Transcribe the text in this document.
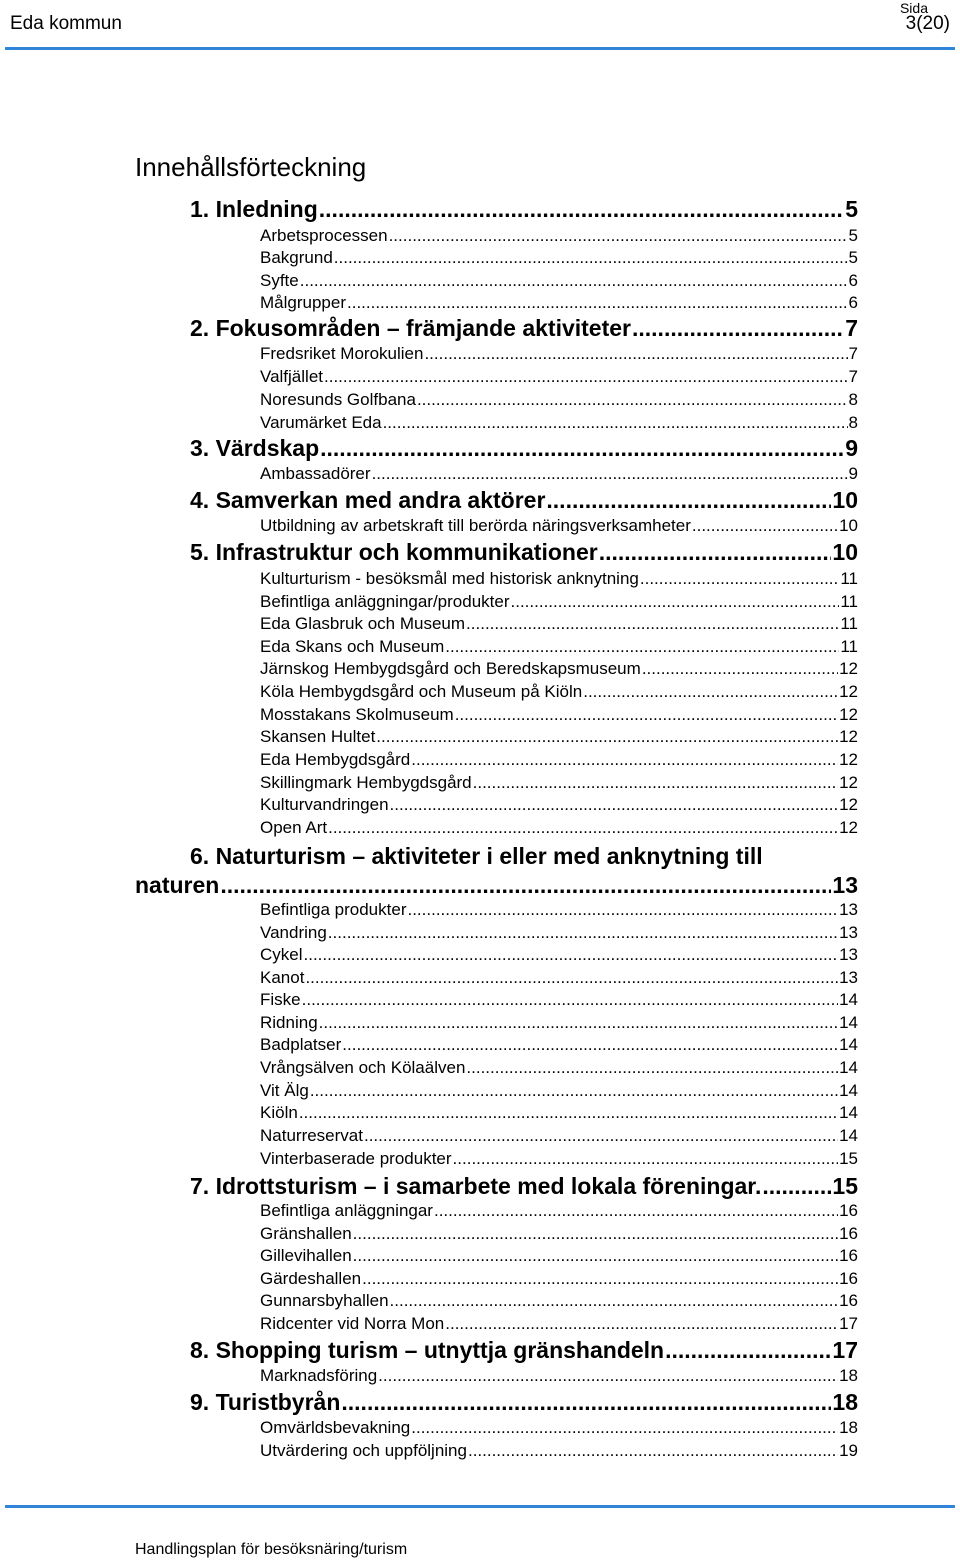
Eda kommun
Sida
3(20)
Innehållsförteckning
1. Inledning .....	5
Arbetsprocessen .....	5
Bakgrund .....	5
Syfte .....	6
Målgrupper .....	6
2. Fokusområden – främjande aktiviteter .....	7
Fredsriket Morokulien .....	7
Valfjället .....	7
Noresunds Golfbana .....	8
Varumärket Eda .....	8
3. Värdskap .....	9
Ambassadörer .....	9
4. Samverkan med andra aktörer .....	10
Utbildning av arbetskraft till berörda näringsverksamheter .....	10
5. Infrastruktur och kommunikationer .....	10
Kulturturism - besöksmål med historisk anknytning .....	11
Befintliga anläggningar/produkter .....	11
Eda Glasbruk och Museum .....	11
Eda Skans och Museum .....	11
Järnskog Hembygdsgård och Beredskapsmuseum .....	12
Köla Hembygdsgård och Museum på Kiöln .....	12
Mosstakans Skolmuseum .....	12
Skansen Hultet .....	12
Eda Hembygdsgård .....	12
Skillingmark Hembygdsgård .....	12
Kulturvandringen .....	12
Open Art .....	12
6. Naturturism – aktiviteter i eller med anknytning till
naturen .....	13
Befintliga produkter .....	13
Vandring .....	13
Cykel .....	13
Kanot .....	13
Fiske .....	14
Ridning .....	14
Badplatser .....	14
Vrångsälven och Kölaälven .....	14
Vit Älg .....	14
Kiöln .....	14
Naturreservat .....	14
Vinterbaserade produkter .....	15
7. Idrottsturism – i samarbete med lokala föreningar. .....	15
Befintliga anläggningar .....	16
Gränshallen .....	16
Gillevihallen .....	16
Gärdeshallen .....	16
Gunnarsbyhallen .....	16
Ridcenter vid Norra Mon .....	17
8. Shopping turism – utnyttja gränshandeln .....	17
Marknadsföring .....	18
9. Turistbyrån .....	18
Omvärldsbevakning .....	18
Utvärdering och uppföljning .....	19
Handlingsplan för besöksnäring/turism
